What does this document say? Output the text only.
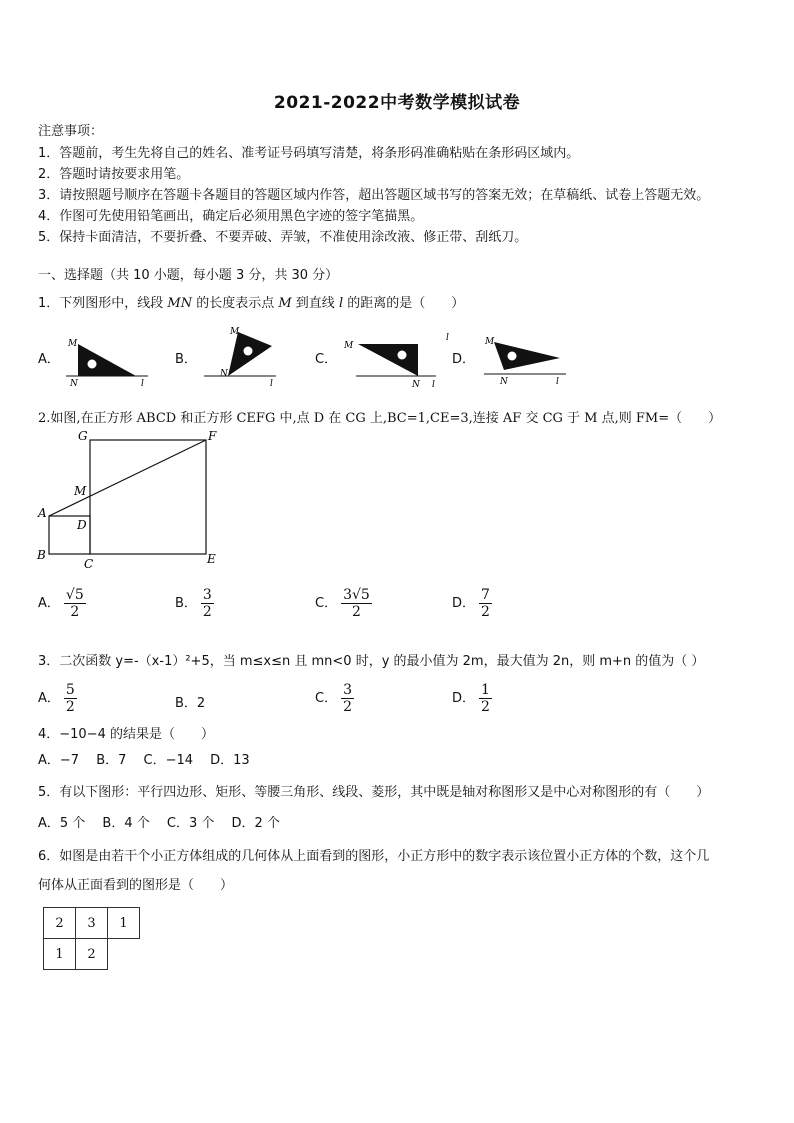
2021-2022中考数学模拟试卷
注意事项：
1．答题前，考生先将自己的姓名、准考证号码填写清楚，将条形码准确粘贴在条形码区域内。
2．答题时请按要求用笔。
3．请按照题号顺序在答题卡各题目的答题区域内作答，超出答题区域书写的答案无效；在草稿纸、试卷上答题无效。
4．作图可先使用铅笔画出，确定后必须用黑色字迹的签字笔描黑。
5．保持卡面清洁，不要折叠、不要弄破、弄皱，不准使用涂改液、修正带、刮纸刀。
一、选择题（共 10 小题，每小题 3 分，共 30 分）
1．下列图形中，线段 MN 的长度表示点 M 到直线 l 的距离的是（　　）
A．
M
N	l
B．
M
N
l
C．
M
N l
D．
M
N	l
l
2.如图,在正方形 ABCD 和正方形 CEFG 中,点 D 在 CG 上,BC=1,CE=3,连接 AF 交 CG 于 M 点,则 FM=（　　）
G	F
M
A
D
B
C	E
A． $\frac{√5}{2}$	B． $\frac{3}{2}$	C． $\frac{3√5}{2}$	D． $\frac{7}{2}$
3．二次函数 y=-（x-1）²+5，当 m≤x≤n 且 mn<0 时，y 的最小值为 2m，最大值为 2n，则 m+n 的值为（ ）
A． $\frac{5}{2}$	B．2	C． $\frac{3}{2}$	D． $\frac{1}{2}$
4．−10−4 的结果是（　　）
A．−7　 B．7　 C．−14　 D．13
5．有以下图形：平行四边形、矩形、等腰三角形、线段、菱形，其中既是轴对称图形又是中心对称图形的有（　　）
A．5 个　 B．4 个　 C．3 个　 D．2 个
6．如图是由若干个小正方体组成的几何体从上面看到的图形，小正方形中的数字表示该位置小正方体的个数，这个几
何体从正面看到的图形是（　　）
2	3	1
1	2	
